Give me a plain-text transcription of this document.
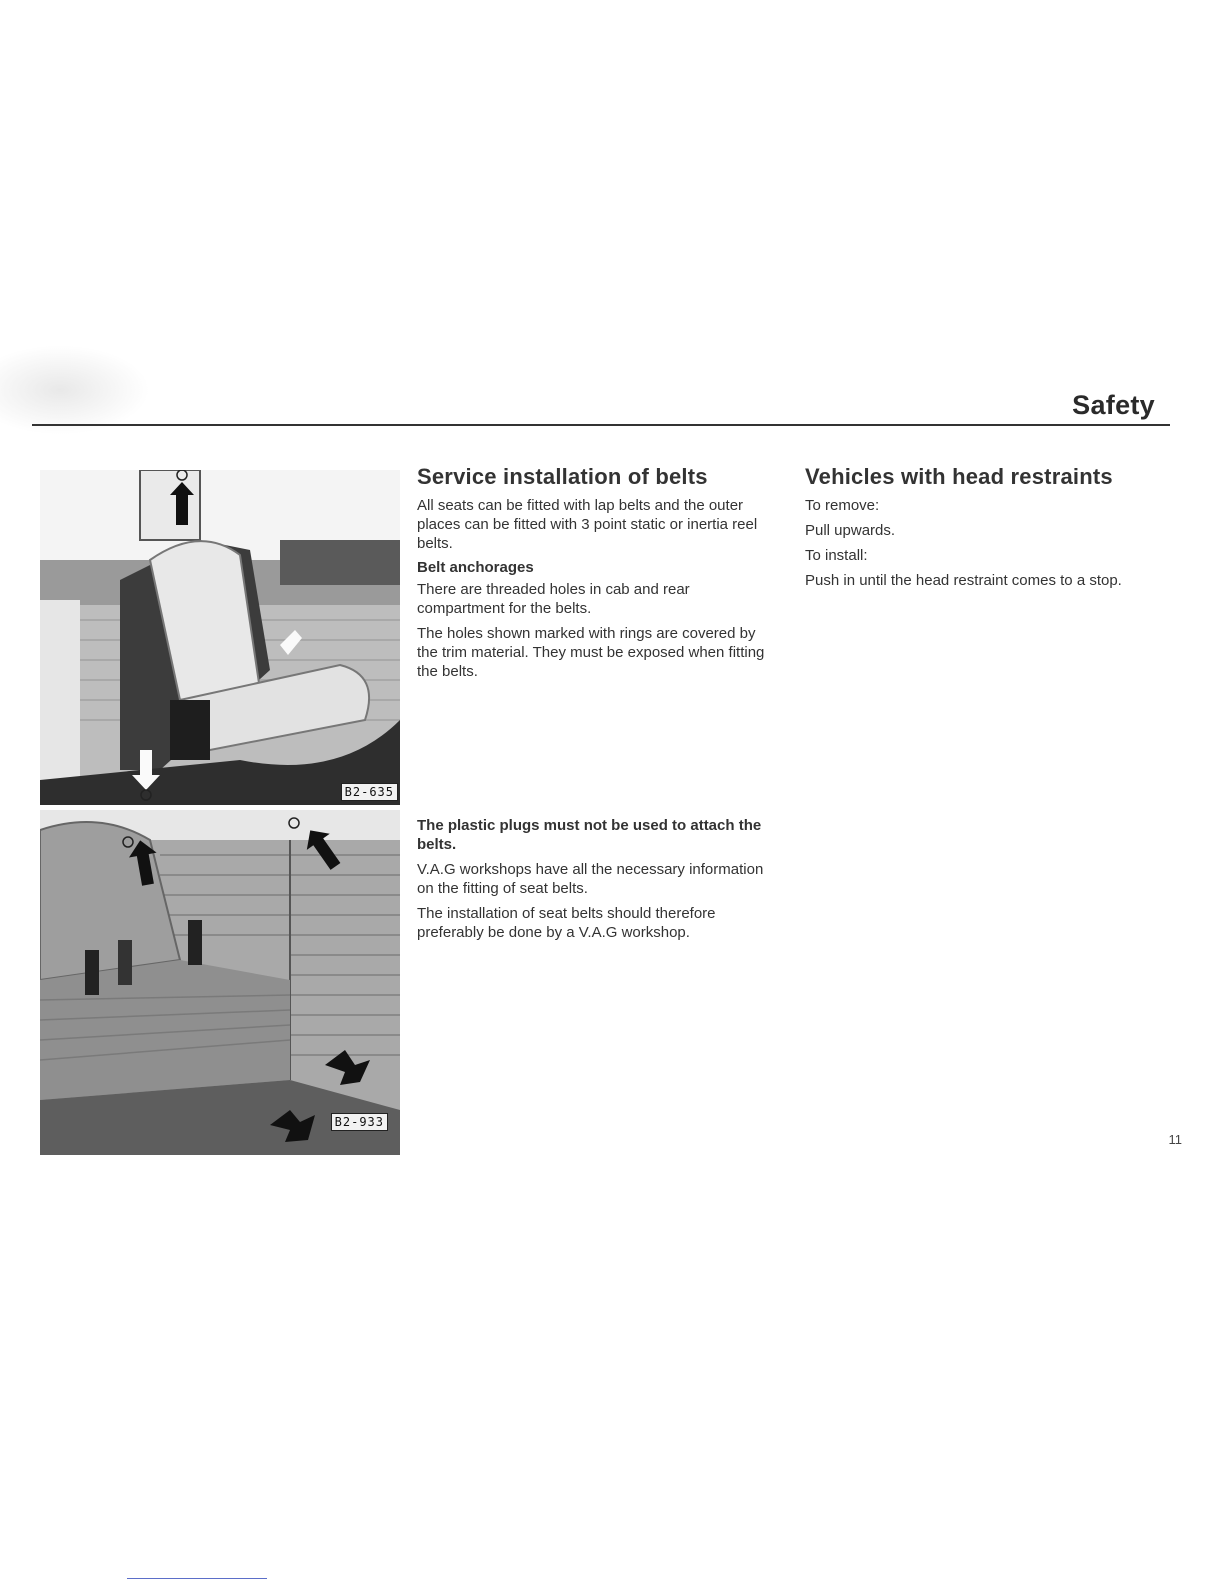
Safety
B2-635
B2-933
Service installation of belts

All seats can be fitted with lap belts and the outer places can be fitted with 3 point static or inertia reel belts.

Belt anchorages

There are threaded holes in cab and rear compartment for the belts.

The holes shown marked with rings are covered by the trim material. They must be exposed when fitting the belts.

The plastic plugs must not be used to attach the belts.

V.A.G workshops have all the necessary information on the fitting of seat belts.

The installation of seat belts should therefore preferably be done by a V.A.G workshop.

Vehicles with head restraints

To remove:

Pull upwards.

To install:

Push in until the head restraint comes to a stop.

11
